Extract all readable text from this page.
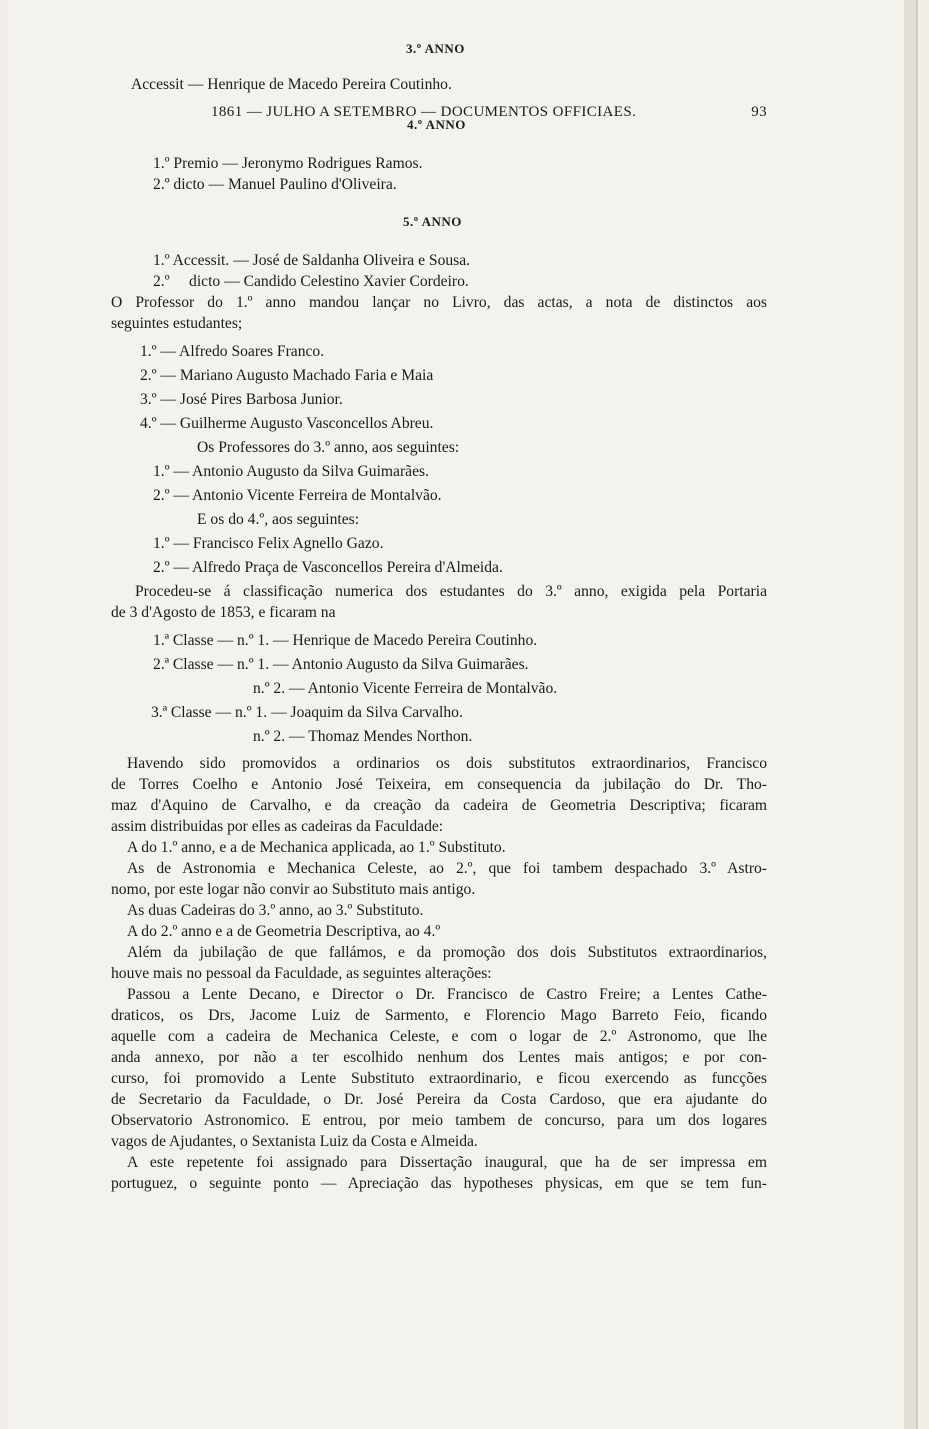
1861 — JULHO A SETEMBRO — DOCUMENTOS OFFICIAES.	93
3.º ANNO
Accessit — Henrique de Macedo Pereira Coutinho.
4.º ANNO
1.º Premio — Jeronymo Rodrigues Ramos.
2.º dicto — Manuel Paulino d'Oliveira.
5.º ANNO
1.º Accessit. — José de Saldanha Oliveira e Sousa.
2.º     dicto — Candido Celestino Xavier Cordeiro.
O Professor do 1.º anno mandou lançar no Livro, das actas, a nota de distinctos aos
seguintes estudantes;
1.º — Alfredo Soares Franco.
2.º — Mariano Augusto Machado Faria e Maia
3.º — José Pires Barbosa Junior.
4.º — Guilherme Augusto Vasconcellos Abreu.
Os Professores do 3.º anno, aos seguintes:
1.º — Antonio Augusto da Silva Guimarães.
2.º — Antonio Vicente Ferreira de Montalvão.
E os do 4.º, aos seguintes:
1.º — Francisco Felix Agnello Gazo.
2.º — Alfredo Praça de Vasconcellos Pereira d'Almeida.
Procedeu-se á classificação numerica dos estudantes do 3.º anno, exigida pela Portaria
de 3 d'Agosto de 1853, e ficaram na
1.ª Classe — n.º 1. — Henrique de Macedo Pereira Coutinho.
2.ª Classe — n.º 1. — Antonio Augusto da Silva Guimarães.
n.º 2. — Antonio Vicente Ferreira de Montalvão.
3.ª Classe — n.º 1. — Joaquim da Silva Carvalho.
n.º 2. — Thomaz Mendes Northon.
Havendo sido promovidos a ordinarios os dois substitutos extraordinarios, Francisco
de Torres Coelho e Antonio José Teixeira, em consequencia da jubilação do Dr. Tho-
maz d'Aquino de Carvalho, e da creação da cadeira de Geometria Descriptiva; ficaram
assim distribuidas por elles as cadeiras da Faculdade:
A do 1.º anno, e a de Mechanica applicada, ao 1.º Substituto.
As de Astronomia e Mechanica Celeste, ao 2.º, que foi tambem despachado 3.º Astro-
nomo, por este logar não convir ao Substituto mais antigo.
As duas Cadeiras do 3.º anno, ao 3.º Substituto.
A do 2.º anno e a de Geometria Descriptiva, ao 4.º
Além da jubilação de que fallámos, e da promoção dos dois Substitutos extraordinarios,
houve mais no pessoal da Faculdade, as seguintes alterações:
Passou a Lente Decano, e Director o Dr. Francisco de Castro Freire; a Lentes Cathe-
draticos, os Drs, Jacome Luiz de Sarmento, e Florencio Mago Barreto Feio, ficando
aquelle com a cadeira de Mechanica Celeste, e com o logar de 2.º Astronomo, que lhe
anda annexo, por não a ter escolhido nenhum dos Lentes mais antigos; e por con-
curso, foi promovido a Lente Substituto extraordinario, e ficou exercendo as funcções
de Secretario da Faculdade, o Dr. José Pereira da Costa Cardoso, que era ajudante do
Observatorio Astronomico. E entrou, por meio tambem de concurso, para um dos logares
vagos de Ajudantes, o Sextanista Luiz da Costa e Almeida.
A este repetente foi assignado para Dissertação inaugural, que ha de ser impressa em
portuguez, o seguinte ponto — Apreciação das hypotheses physicas, em que se tem fun-
